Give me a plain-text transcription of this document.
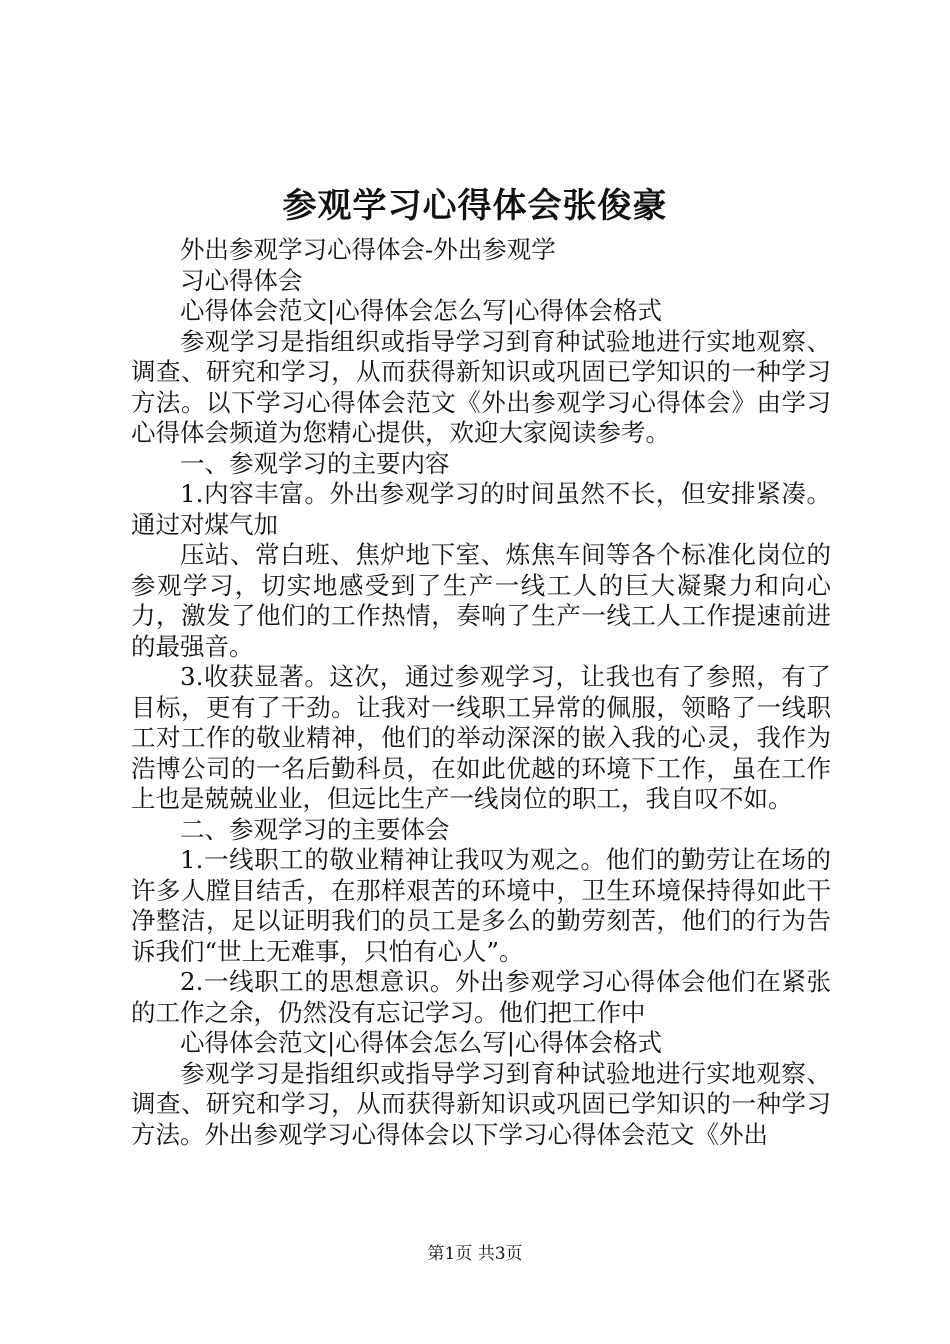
参观学习心得体会张俊豪

外出参观学习心得体会-外出参观学

习心得体会

心得体会范文|心得体会怎么写|心得体会格式

参观学习是指组织或指导学习到育种试验地进行实地观察、调查、研究和学习，从而获得新知识或巩固已学知识的一种学习方法。以下学习心得体会范文《外出参观学习心得体会》由学习心得体会频道为您精心提供，欢迎大家阅读参考。

一、参观学习的主要内容

1.内容丰富。外出参观学习的时间虽然不长，但安排紧凑。通过对煤气加

压站、常白班、焦炉地下室、炼焦车间等各个标准化岗位的参观学习，切实地感受到了生产一线工人的巨大凝聚力和向心力，激发了他们的工作热情，奏响了生产一线工人工作提速前进的最强音。

3.收获显著。这次，通过参观学习，让我也有了参照，有了目标，更有了干劲。让我对一线职工异常的佩服，领略了一线职工对工作的敬业精神，他们的举动深深的嵌入我的心灵，我作为浩博公司的一名后勤科员，在如此优越的环境下工作，虽在工作上也是兢兢业业，但远比生产一线岗位的职工，我自叹不如。

二、参观学习的主要体会

1.一线职工的敬业精神让我叹为观之。他们的勤劳让在场的许多人膛目结舌，在那样艰苦的环境中，卫生环境保持得如此干净整洁，足以证明我们的员工是多么的勤劳刻苦，他们的行为告诉我们“世上无难事，只怕有心人”。

2.一线职工的思想意识。外出参观学习心得体会他们在紧张的工作之余，仍然没有忘记学习。他们把工作中

心得体会范文|心得体会怎么写|心得体会格式

参观学习是指组织或指导学习到育种试验地进行实地观察、调查、研究和学习，从而获得新知识或巩固已学知识的一种学习方法。外出参观学习心得体会以下学习心得体会范文《外出

第1页 共3页
